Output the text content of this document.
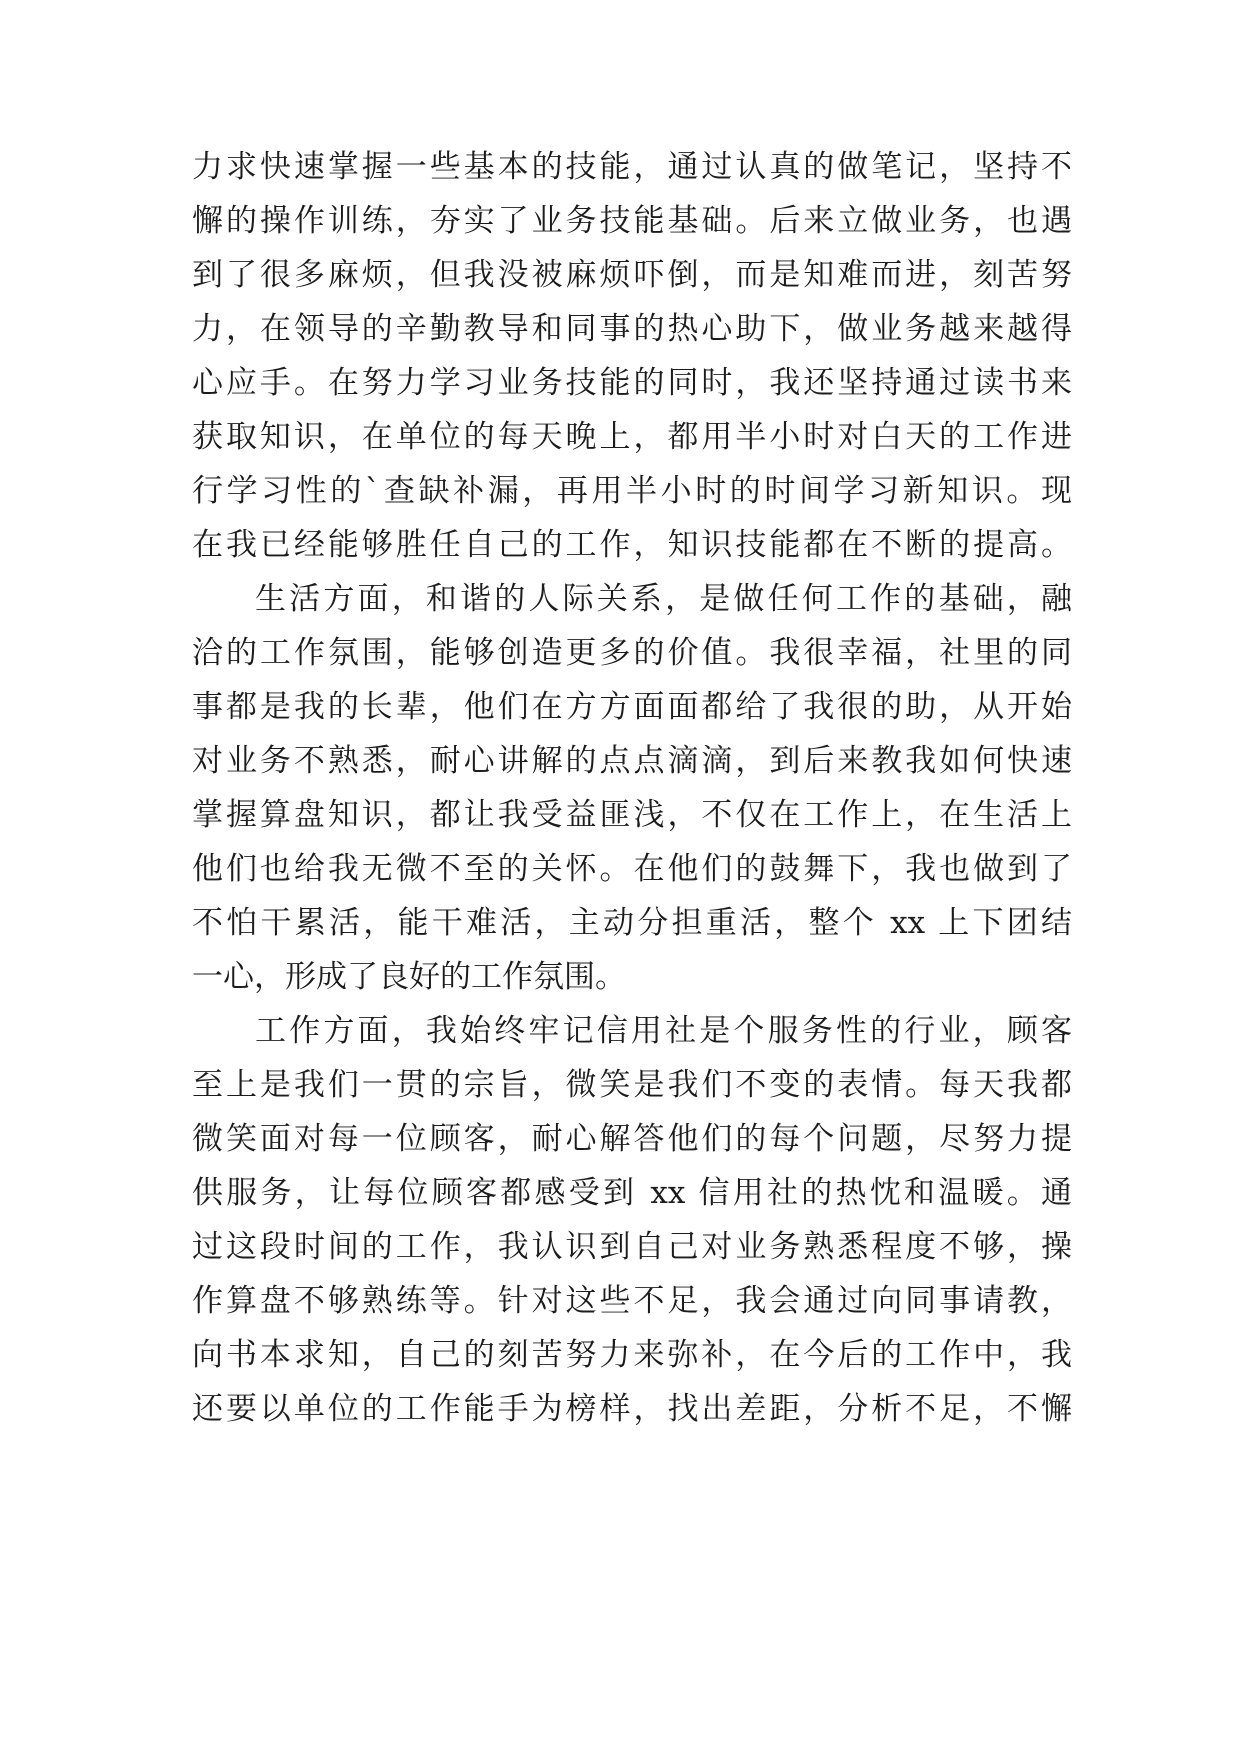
力求快速掌握一些基本的技能，通过认真的做笔记，坚持不
懈的操作训练，夯实了业务技能基础。后来立做业务，也遇
到了很多麻烦，但我没被麻烦吓倒，而是知难而进，刻苦努
力，在领导的辛勤教导和同事的热心助下，做业务越来越得
心应手。在努力学习业务技能的同时，我还坚持通过读书来
获取知识，在单位的每天晚上，都用半小时对白天的工作进
行学习性的`查缺补漏，再用半小时的时间学习新知识。现
在我已经能够胜任自己的工作，知识技能都在不断的提高。
生活方面，和谐的人际关系，是做任何工作的基础，融
洽的工作氛围，能够创造更多的价值。我很幸福，社里的同
事都是我的长辈，他们在方方面面都给了我很的助，从开始
对业务不熟悉，耐心讲解的点点滴滴，到后来教我如何快速
掌握算盘知识，都让我受益匪浅，不仅在工作上，在生活上
他们也给我无微不至的关怀。在他们的鼓舞下，我也做到了
不怕干累活，能干难活，主动分担重活，整个 xx 上下团结
一心，形成了良好的工作氛围。
工作方面，我始终牢记信用社是个服务性的行业，顾客
至上是我们一贯的宗旨，微笑是我们不变的表情。每天我都
微笑面对每一位顾客，耐心解答他们的每个问题，尽努力提
供服务，让每位顾客都感受到 xx 信用社的热忱和温暖。通
过这段时间的工作，我认识到自己对业务熟悉程度不够，操
作算盘不够熟练等。针对这些不足，我会通过向同事请教，
向书本求知，自己的刻苦努力来弥补，在今后的工作中，我
还要以单位的工作能手为榜样，找出差距，分析不足，不懈
